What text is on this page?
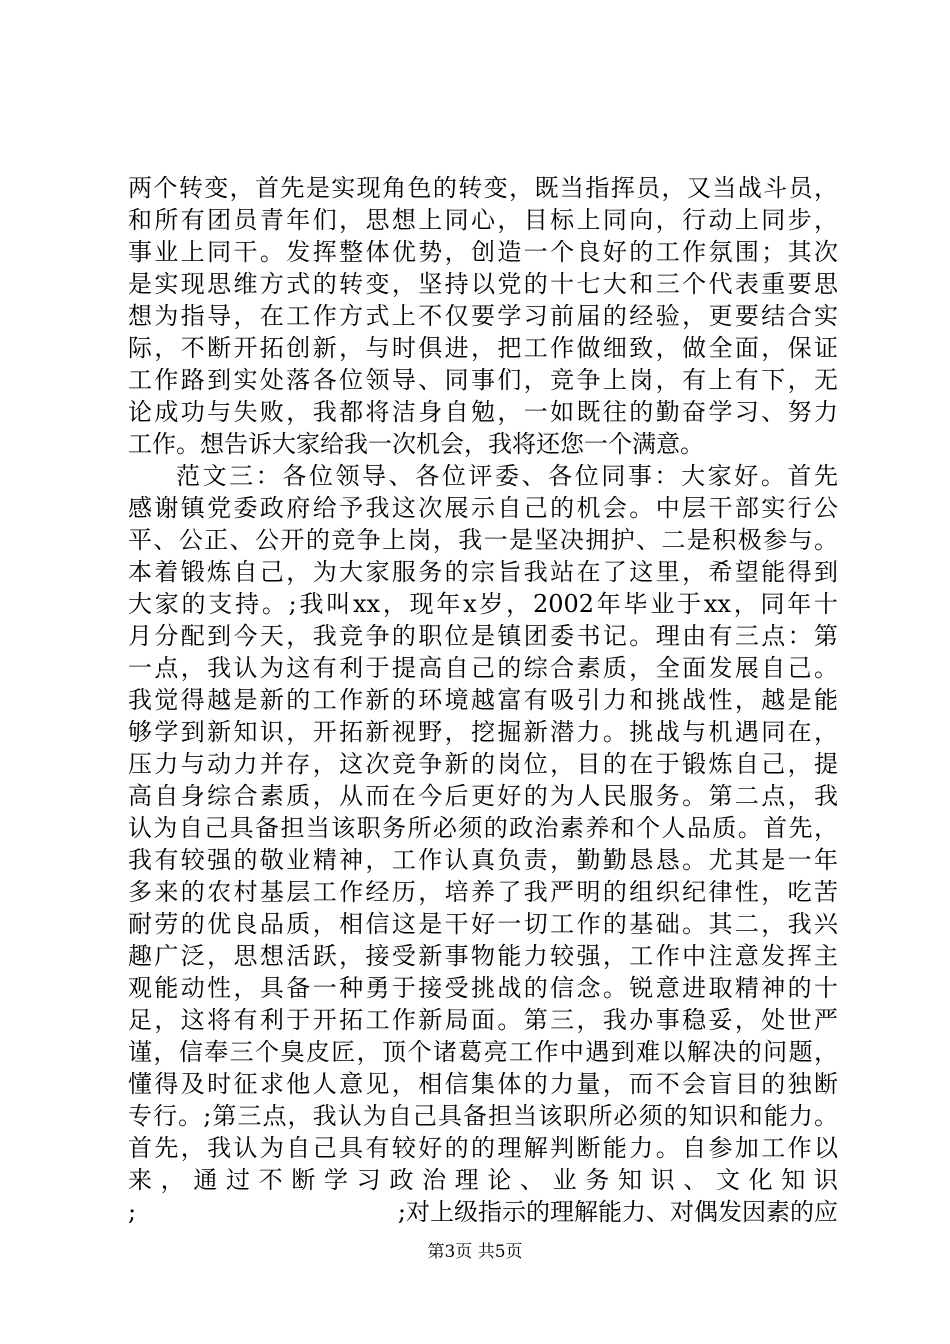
两个转变，首先是实现角色的转变，既当指挥员，又当战斗员，
和所有团员青年们，思想上同心，目标上同向，行动上同步，
事业上同干。发挥整体优势，创造一个良好的工作氛围；其次
是实现思维方式的转变，坚持以党的十七大和三个代表重要思
想为指导，在工作方式上不仅要学习前届的经验，更要结合实
际，不断开拓创新，与时俱进，把工作做细致，做全面，保证
工作路到实处落各位领导、同事们，竞争上岗，有上有下，无
论成功与失败，我都将洁身自勉，一如既往的勤奋学习、努力
工作。想告诉大家给我一次机会，我将还您一个满意。
范文三：各位领导、各位评委、各位同事：大家好。首先
感谢镇党委政府给予我这次展示自己的机会。中层干部实行公
平、公正、公开的竞争上岗，我一是坚决拥护、二是积极参与。
本着锻炼自己，为大家服务的宗旨我站在了这里，希望能得到
大家的支持。;我叫xx，现年x岁，2002年毕业于xx，同年十
月分配到今天，我竞争的职位是镇团委书记。理由有三点：第
一点，我认为这有利于提高自己的综合素质，全面发展自己。
我觉得越是新的工作新的环境越富有吸引力和挑战性，越是能
够学到新知识，开拓新视野，挖掘新潜力。挑战与机遇同在，
压力与动力并存，这次竞争新的岗位，目的在于锻炼自己，提
高自身综合素质，从而在今后更好的为人民服务。第二点，我
认为自己具备担当该职务所必须的政治素养和个人品质。首先，
我有较强的敬业精神，工作认真负责，勤勤恳恳。尤其是一年
多来的农村基层工作经历，培养了我严明的组织纪律性，吃苦
耐劳的优良品质，相信这是干好一切工作的基础。其二，我兴
趣广泛，思想活跃，接受新事物能力较强，工作中注意发挥主
观能动性，具备一种勇于接受挑战的信念。锐意进取精神的十
足，这将有利于开拓工作新局面。第三，我办事稳妥，处世严
谨，信奉三个臭皮匠，顶个诸葛亮工作中遇到难以解决的问题，
懂得及时征求他人意见，相信集体的力量，而不会盲目的独断
专行。;第三点，我认为自己具备担当该职所必须的知识和能力。
首先，我认为自己具有较好的的理解判断能力。自参加工作以
来，通过不断学习政治理论、业务知识、文化知识
;	;对上级指示的理解能力、对偶发因素的应
第3页 共5页
